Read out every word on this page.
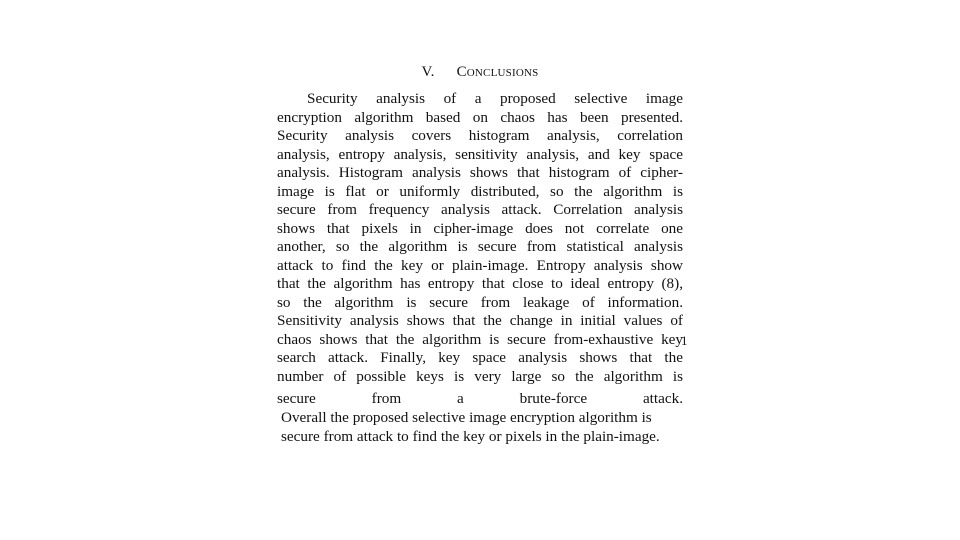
V. Conclusions
Security analysis of a proposed selective image
encryption algorithm based on chaos has been presented.
Security analysis covers histogram analysis, correlation
analysis, entropy analysis, sensitivity analysis, and key space
analysis. Histogram analysis shows that histogram of cipher-
image is flat or uniformly distributed, so the algorithm is
secure from frequency analysis attack. Correlation analysis
shows that pixels in cipher-image does not correlate one
another, so the algorithm is secure from statistical analysis
attack to find the key or plain-image. Entropy analysis show
that the algorithm has entropy that close to ideal entropy (8),
so the algorithm is secure from leakage of information.
Sensitivity analysis shows that the change in initial values of
chaos shows that the algorithm is secure from-exhaustive key
search attack. Finally, key space analysis shows that the
number of possible keys is very large so the algorithm is
secure from a brute-force attack.
Overall the proposed selective image encryption algorithm is
secure from attack to find the key or pixels in the plain-image.
1
